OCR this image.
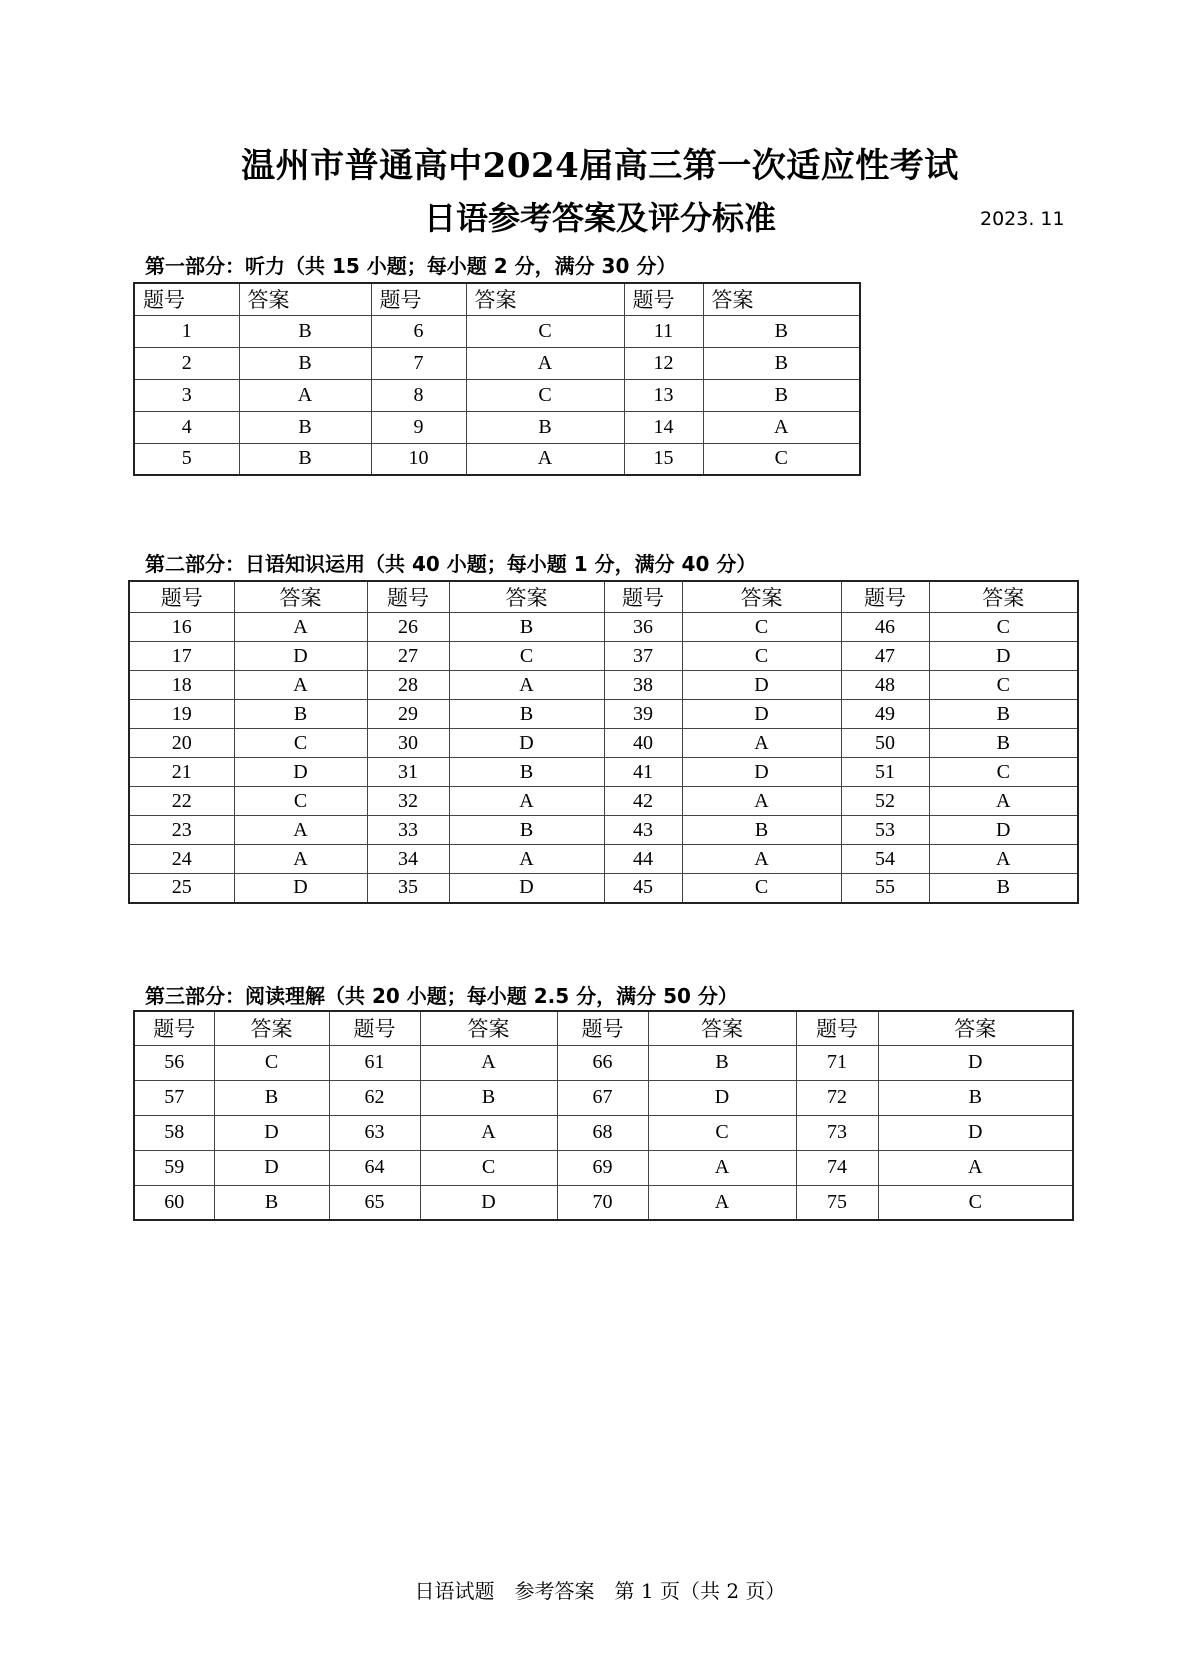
温州市普通高中2024届高三第一次适应性考试
日语参考答案及评分标准	2023. 11
第一部分：听力（共 15 小题；每小题 2 分，满分 30 分）
题号	答案	题号	答案	题号	答案
1	B	6	C	11	B
2	B	7	A	12	B
3	A	8	C	13	B
4	B	9	B	14	A
5	B	10	A	15	C
第二部分：日语知识运用（共 40 小题；每小题 1 分，满分 40 分）
题号	答案	题号	答案	题号	答案	题号	答案
16	A	26	B	36	C	46	C
17	D	27	C	37	C	47	D
18	A	28	A	38	D	48	C
19	B	29	B	39	D	49	B
20	C	30	D	40	A	50	B
21	D	31	B	41	D	51	C
22	C	32	A	42	A	52	A
23	A	33	B	43	B	53	D
24	A	34	A	44	A	54	A
25	D	35	D	45	C	55	B
第三部分：阅读理解（共 20 小题；每小题 2.5 分，满分 50 分）
题号	答案	题号	答案	题号	答案	题号	答案
56	C	61	A	66	B	71	D
57	B	62	B	67	D	72	B
58	D	63	A	68	C	73	D
59	D	64	C	69	A	74	A
60	B	65	D	70	A	75	C
日语试题　参考答案　第 1 页（共 2 页）
